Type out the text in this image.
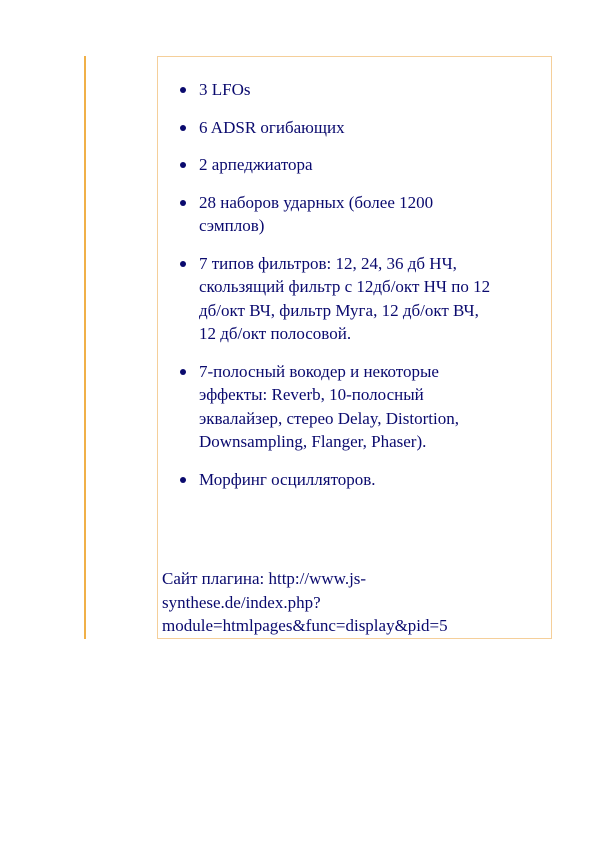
3 LFOs
6 ADSR огибающих
2 арпеджиатора
28 наборов ударных (более 1200
сэмплов)
7 типов фильтров: 12, 24, 36 дб НЧ,
скользящий фильтр с 12дб/окт НЧ по 12
дб/окт ВЧ, фильтр Муга, 12 дб/окт ВЧ,
12 дб/окт полосовой.
7-полосный вокодер и некоторые
эффекты: Reverb, 10-полосный
эквалайзер, стерео Delay, Distortion,
Downsampling, Flanger, Phaser).
Морфинг осцилляторов.
Сайт плагина: http://www.js-
synthese.de/index.php?
module=htmlpages&func=display&pid=5
